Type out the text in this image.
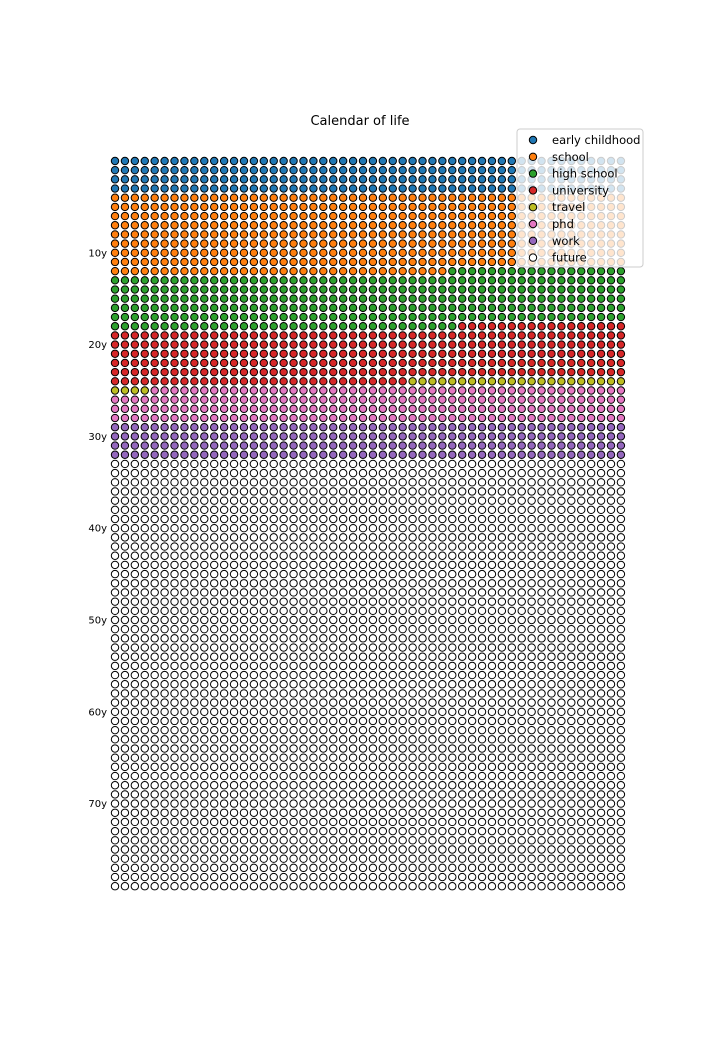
Calendar of life
10y
20y
30y
40y
50y
60y
70y
early childhood
school
high school
university
travel
phd
work
future
